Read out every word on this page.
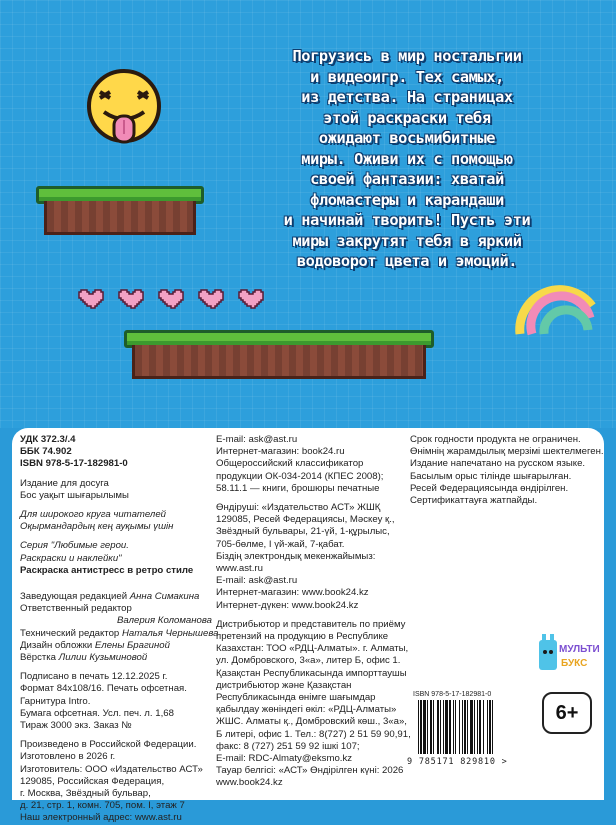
Погрузись в мир ностальгии
и видеоигр. Тех самых,
из детства. На страницах
этой раскраски тебя
ожидают восьмибитные
миры. Оживи их с помощью
своей фантазии: хватай
фломастеры и карандаши
и начинай творить! Пусть эти
миры закрутят тебя в яркий
водоворот цвета и эмоций.

УДК 372.3/.4

ББК 74.902

ISBN 978-5-17-182981-0

Издание для досуга

Бос уақыт шығарылымы

Для широкого круга читателей

Оқырмандардың кең ауқымы үшін

Серия "Любимые герои.

Раскраски и наклейки"

Раскраска антистресс в ретро стиле

Заведующая редакцией Анна Симакина

Ответственный редактор

Валерия Коломанова

Технический редактор Наталья Чернышева

Дизайн обложки Елены Брагиной

Вёрстка Лилии Кузьминовой

Подписано в печать 12.12.2025 г.

Формат 84x108/16. Печать офсетная.

Гарнитура Intro.

Бумага офсетная. Усл. печ. л. 1,68

Тираж 3000 экз. Заказ №

Произведено в Российской Федерации.

Изготовлено в 2026 г.

Изготовитель: ООО «Издательство АСТ»

129085, Российская Федерация,

г. Москва, Звёздный бульвар,

д. 21, стр. 1, комн. 705, пом. I, этаж 7

Наш электронный адрес: www.ast.ru

E-mail: ask@ast.ru

Интернет-магазин: book24.ru

Общероссийский классификатор

продукции ОК-034-2014 (КПЕС 2008);

58.11.1 — книги, брошюры печатные

Өндіруші: «Издательство АСТ» ЖШҚ

129085, Ресей Федерациясы, Мәскеу қ.,

Звёздный бульвары, 21-үй, 1-құрылыс,

705-бөлме, I үй-жай, 7-қабат.

Біздің электрондық мекенжайымыз:

www.ast.ru

E-mail: ask@ast.ru

Интернет-магазин: www.book24.kz

Интернет-дүкен: www.book24.kz

Дистрибьютор и представитель по приёму

претензий на продукцию в Республике

Казахстан: ТОО «РДЦ-Алматы». г. Алматы,

ул. Домбровского, 3«а», литер Б, офис 1.

Қазақстан Республикасында импорттаушы

дистрибьютор және Қазақстан

Республикасында өнімге шағымдар

қабылдау жөніндегі өкіл: «РДЦ-Алматы»

ЖШС. Алматы қ., Домбровский көш., 3«а»,

Б литері, офис 1. Тел.: 8(727) 2 51 59 90,91,

факс: 8 (727) 251 59 92 ішкі 107;

E-mail: RDC-Almaty@eksmo.kz

Тауар белгісі: «АСТ» Өндірілген күні: 2026

www.book24.kz

Срок годности продукта не ограничен.

Өнімнің жарамдылық мерзімі шектелмеген.

Издание напечатано на русском языке.

Басылым орыс тілінде шығарылған.

Ресей Федерациясында өндірілген.

Сертификаттауға жатпайды.

МУЛЬТИ
БУКС
6+
ISBN 978-5-17-182981-0
9 785171 829810 >
